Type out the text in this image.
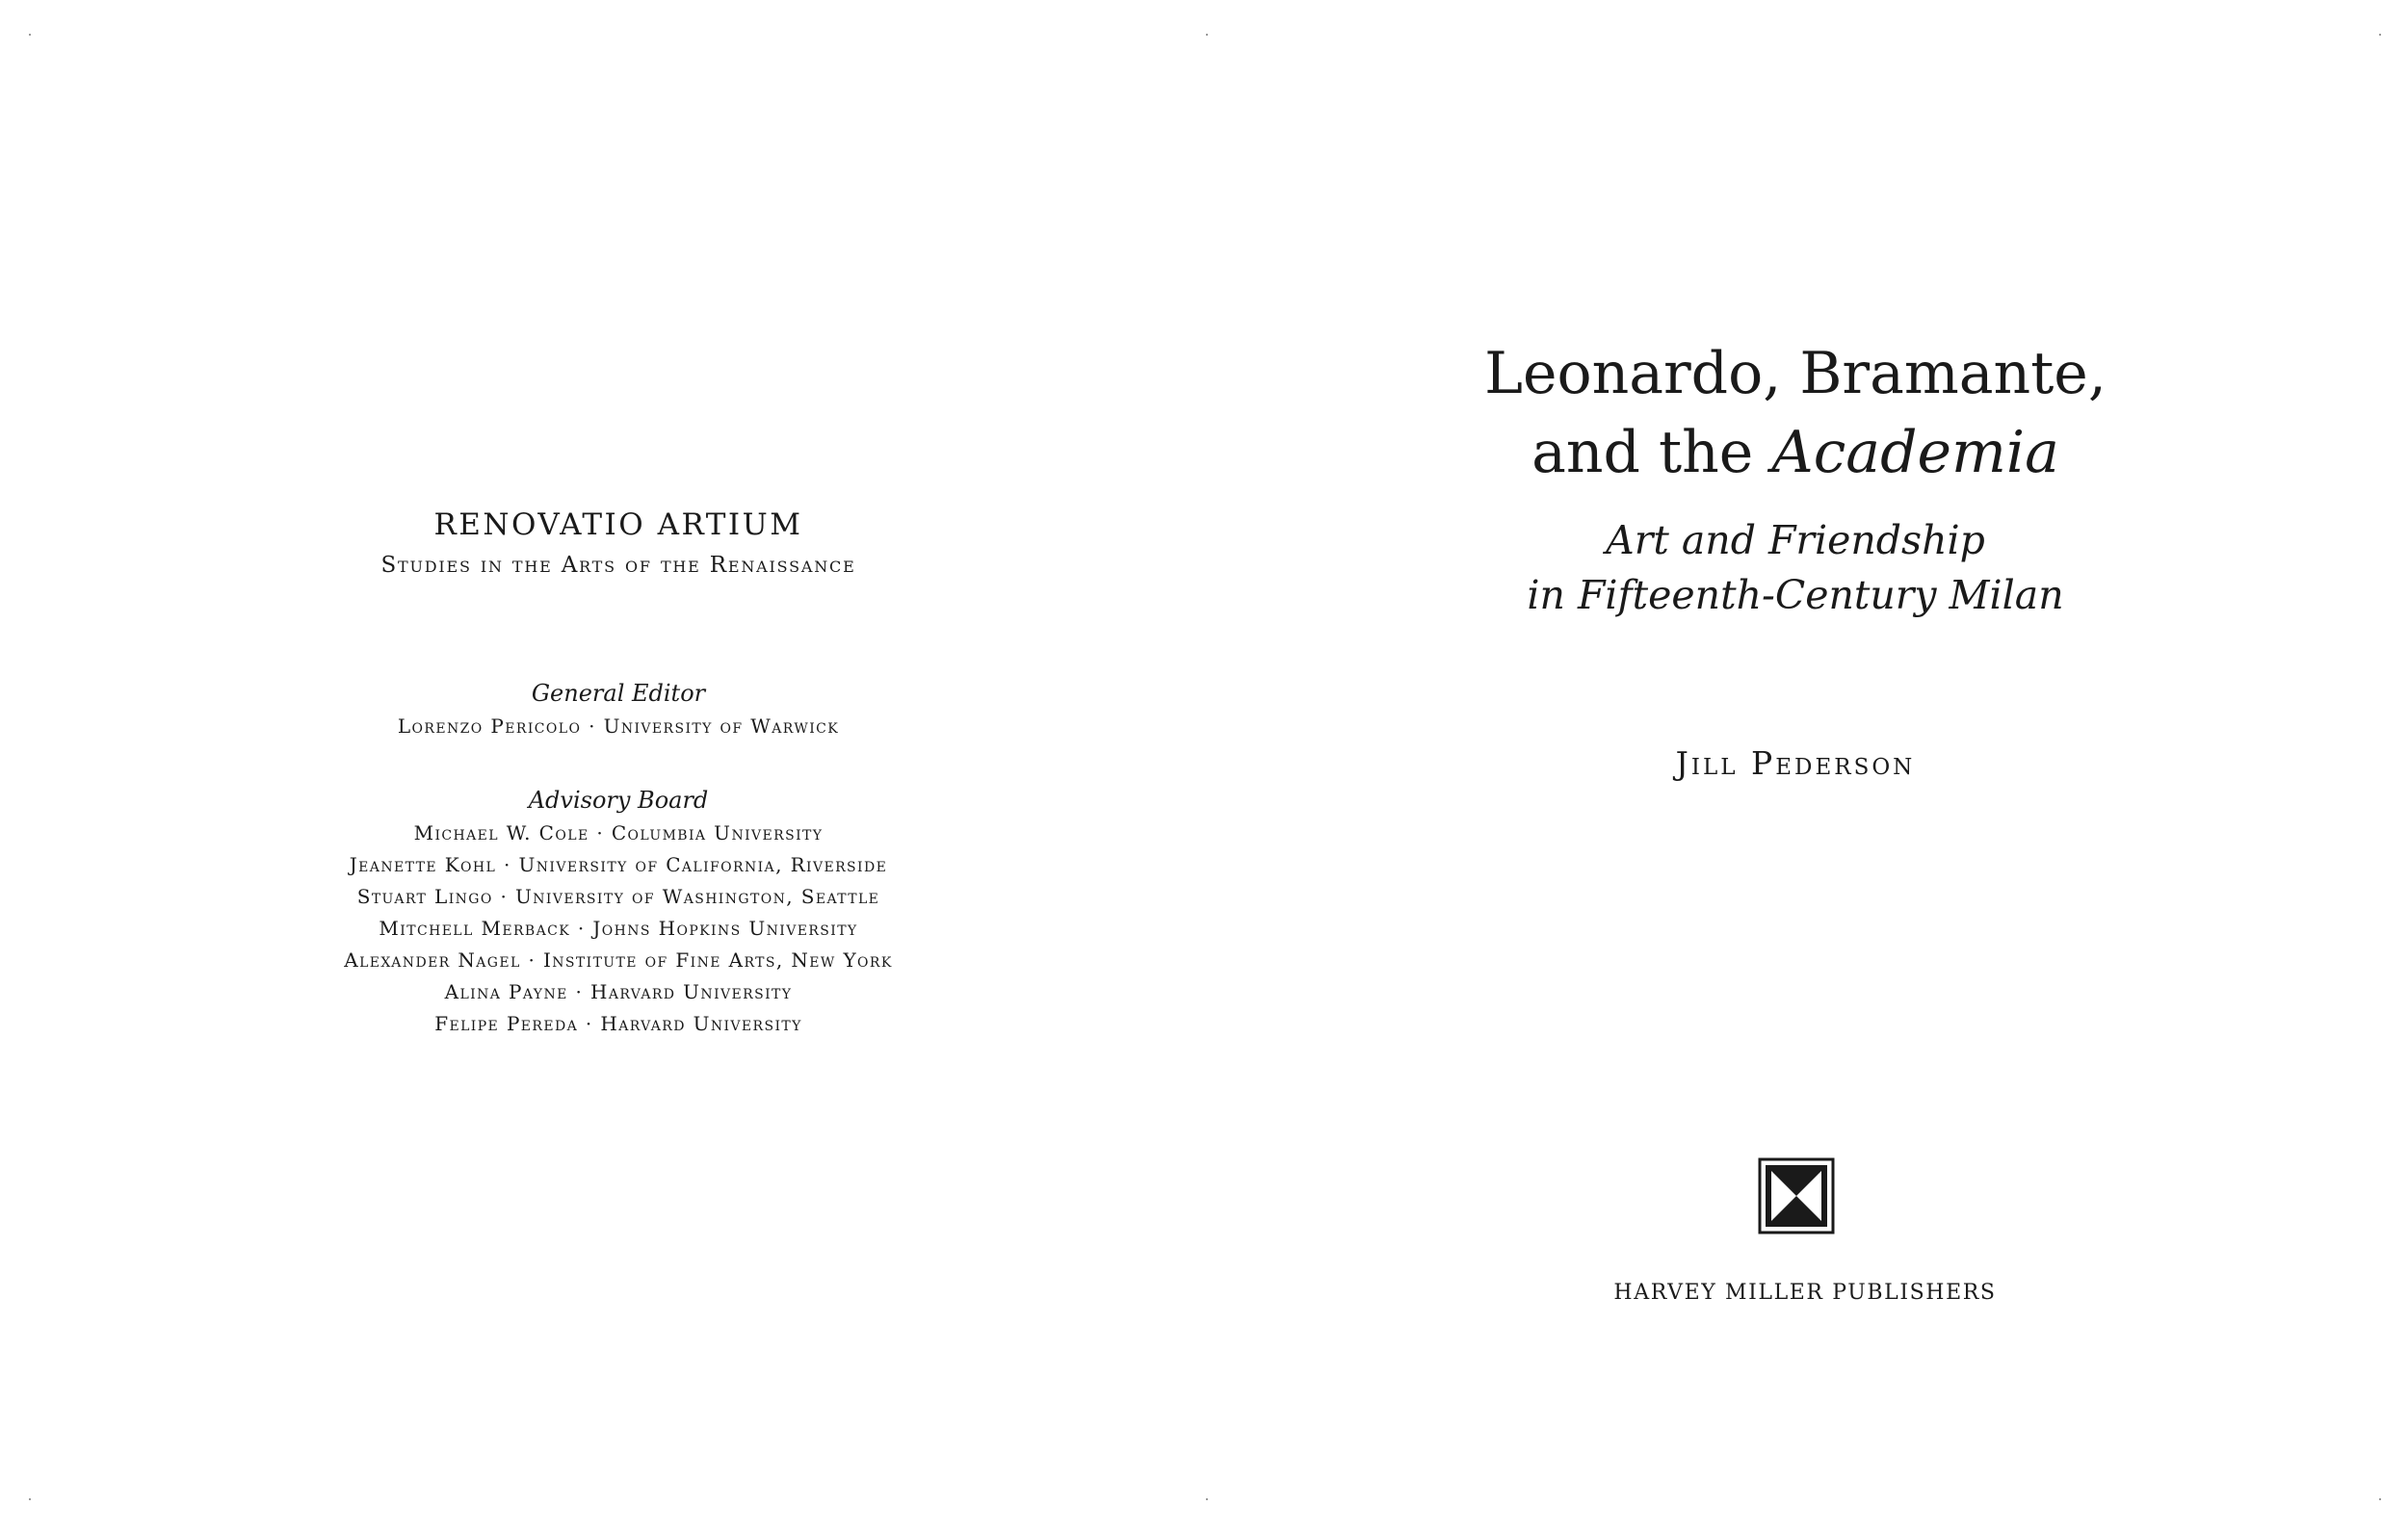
RENOVATIO ARTIUM
Studies in the Arts of the Renaissance
General Editor
Lorenzo Pericolo · University of Warwick
Advisory Board
Michael W. Cole · Columbia University
Jeanette Kohl · University of California, Riverside
Stuart Lingo · University of Washington, Seattle
Mitchell Merback · Johns Hopkins University
Alexander Nagel · Institute of Fine Arts, New York
Alina Payne · Harvard University
Felipe Pereda · Harvard University
Leonardo, Bramante,
and the Academia
Art and Friendship
in Fifteenth-Century Milan
Jill Pederson
HARVEY MILLER PUBLISHERS
